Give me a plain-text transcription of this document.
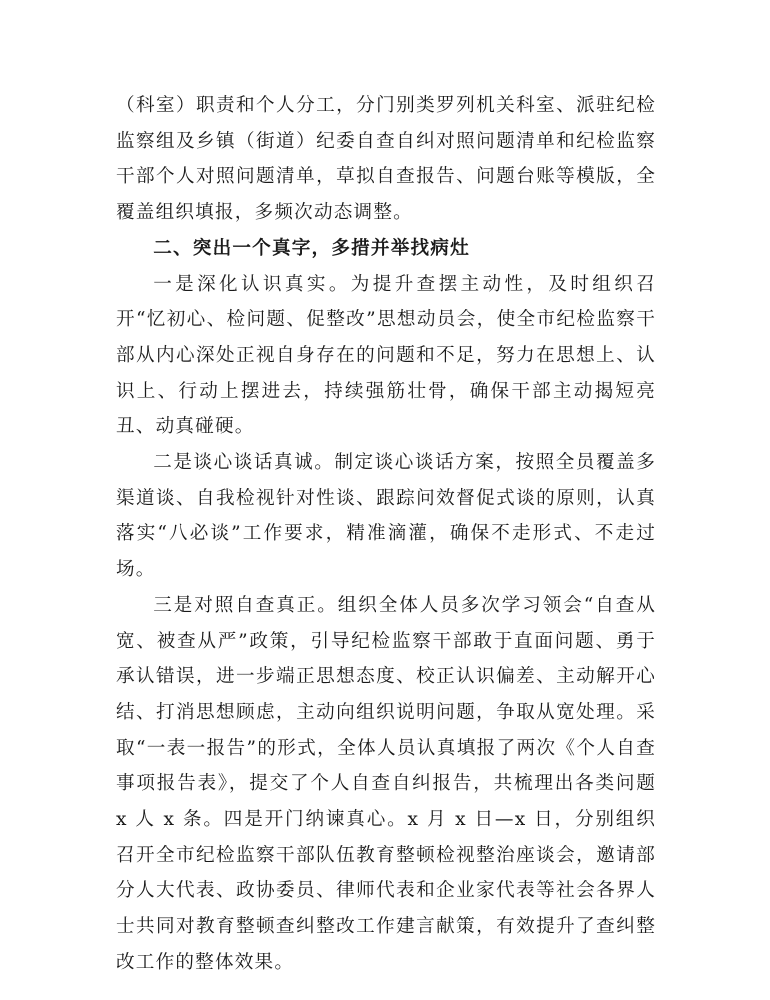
（科室）职责和个人分工，分门别类罗列机关科室、派驻纪检监察组及乡镇（街道）纪委自查自纠对照问题清单和纪检监察干部个人对照问题清单，草拟自查报告、问题台账等模版，全覆盖组织填报，多频次动态调整。

二、突出一个真字，多措并举找病灶

一是深化认识真实。为提升查摆主动性，及时组织召开“忆初心、检问题、促整改”思想动员会，使全市纪检监察干部从内心深处正视自身存在的问题和不足，努力在思想上、认识上、行动上摆进去，持续强筋壮骨，确保干部主动揭短亮丑、动真碰硬。

二是谈心谈话真诚。制定谈心谈话方案，按照全员覆盖多渠道谈、自我检视针对性谈、跟踪问效督促式谈的原则，认真落实“八必谈”工作要求，精准滴灌，确保不走形式、不走过场。

三是对照自查真正。组织全体人员多次学习领会“自查从宽、被查从严”政策，引导纪检监察干部敢于直面问题、勇于承认错误，进一步端正思想态度、校正认识偏差、主动解开心结、打消思想顾虑，主动向组织说明问题，争取从宽处理。采取“一表一报告”的形式，全体人员认真填报了两次《个人自查事项报告表》，提交了个人自查自纠报告，共梳理出各类问题 x 人 x 条。四是开门纳谏真心。x 月 x 日—x 日，分别组织召开全市纪检监察干部队伍教育整顿检视整治座谈会，邀请部分人大代表、政协委员、律师代表和企业家代表等社会各界人士共同对教育整顿查纠整改工作建言献策，有效提升了查纠整改工作的整体效果。
